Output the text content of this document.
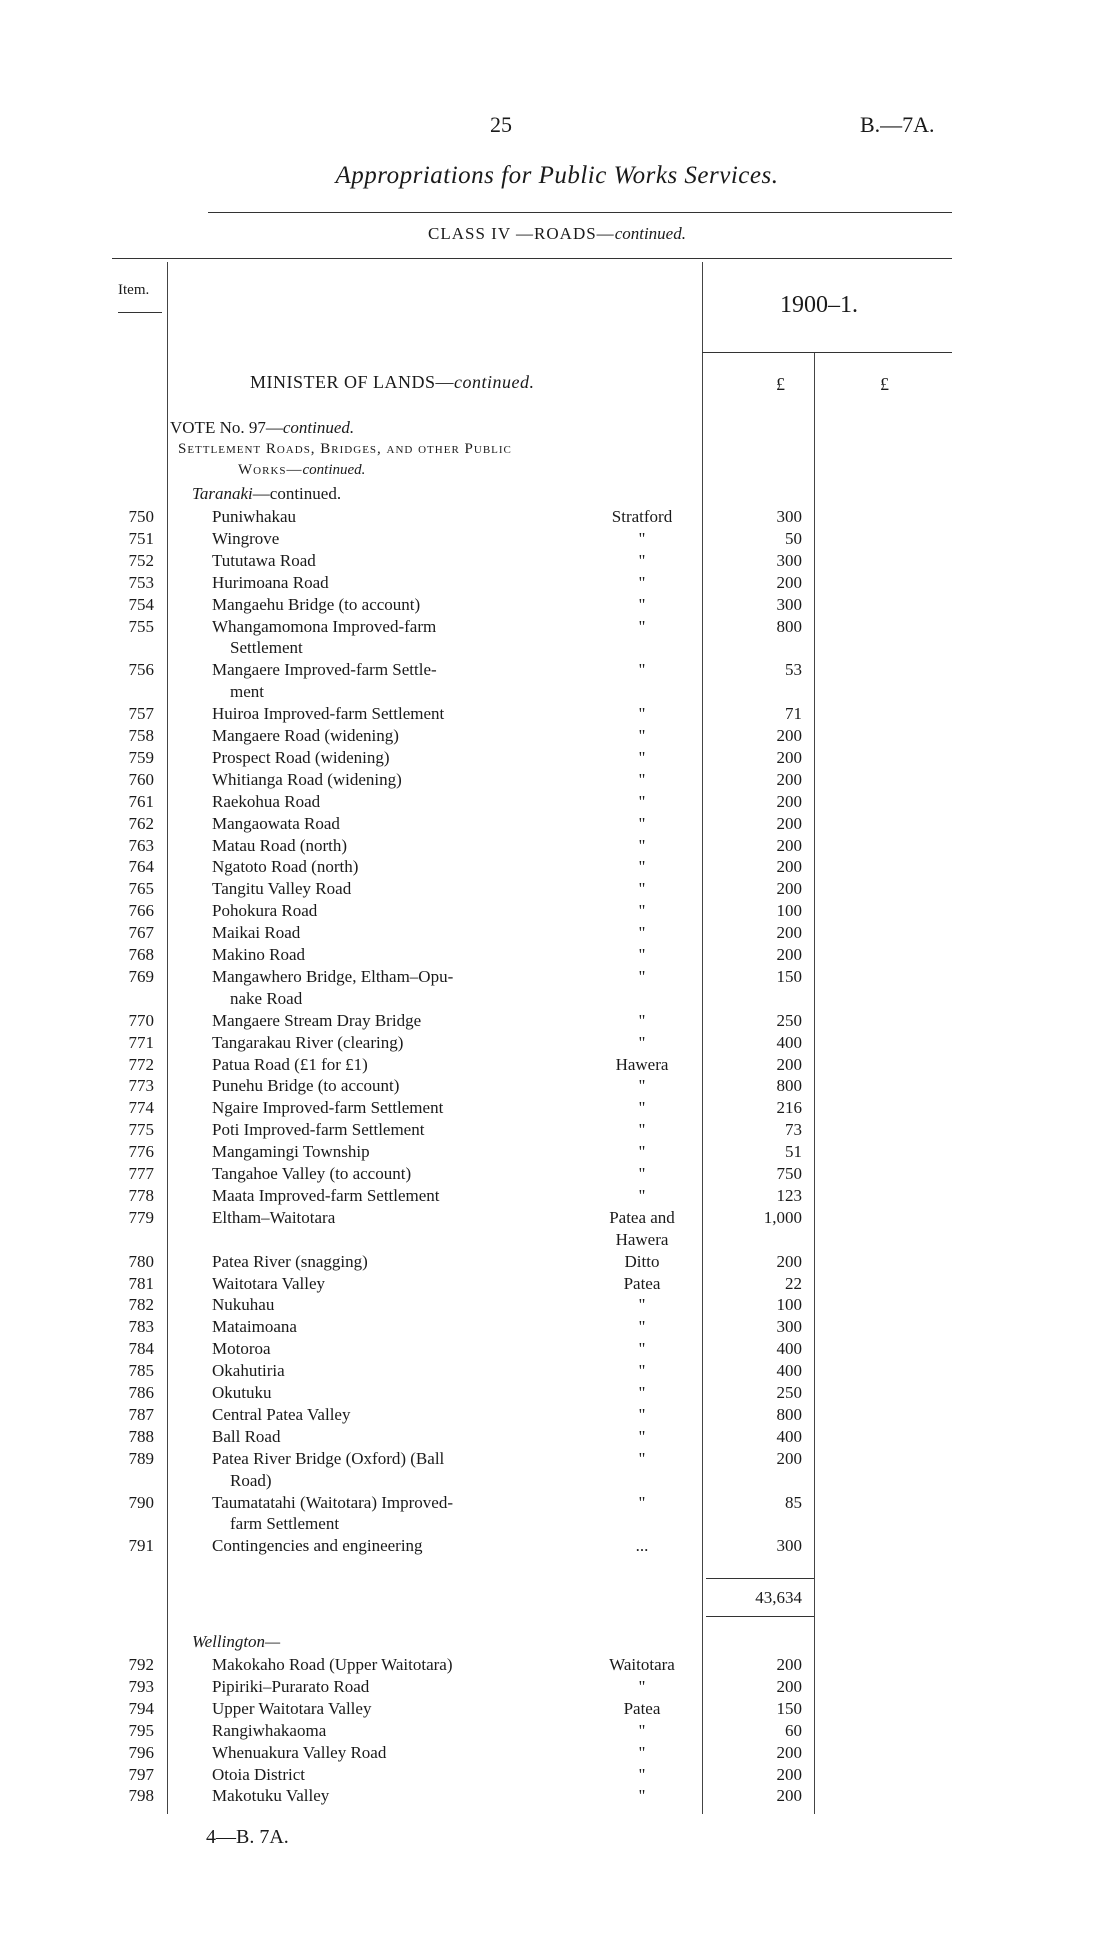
25	B.—7A.
Appropriations for Public Works Services.
CLASS IV —ROADS—continued.
Item.
1900–1.
£	£
MINISTER OF LANDS—continued.
VOTE No. 97—continued.
Settlement Roads, Bridges, and other Public
Works—continued.
Taranaki—continued.
750	Puniwhakau	Stratford	300
751	Wingrove	"	50
752	Tututawa Road	"	300
753	Hurimoana Road	"	200
754	Mangaehu Bridge (to account)	"	300
755	Whangamomona Improved-farm	"	800
Settlement
756	Mangaere Improved-farm Settle-	"	53
ment
757	Huiroa Improved-farm Settlement	"	71
758	Mangaere Road (widening)	"	200
759	Prospect Road (widening)	"	200
760	Whitianga Road (widening)	"	200
761	Raekohua Road	"	200
762	Mangaowata Road	"	200
763	Matau Road (north)	"	200
764	Ngatoto Road (north)	"	200
765	Tangitu Valley Road	"	200
766	Pohokura Road	"	100
767	Maikai Road	"	200
768	Makino Road	"	200
769	Mangawhero Bridge, Eltham–Opu-	"	150
nake Road
770	Mangaere Stream Dray Bridge	"	250
771	Tangarakau River (clearing)	"	400
772	Patua Road (£1 for £1)	Hawera	200
773	Punehu Bridge (to account)	"	800
774	Ngaire Improved-farm Settlement	"	216
775	Poti Improved-farm Settlement	"	73
776	Mangamingi Township	"	51
777	Tangahoe Valley (to account)	"	750
778	Maata Improved-farm Settlement	"	123
779	Eltham–Waitotara	Patea and	1,000
Hawera
780	Patea River (snagging)	Ditto	200
781	Waitotara Valley	Patea	22
782	Nukuhau	"	100
783	Mataimoana	"	300
784	Motoroa	"	400
785	Okahutiria	"	400
786	Okutuku	"	250
787	Central Patea Valley	"	800
788	Ball Road	"	400
789	Patea River Bridge (Oxford) (Ball	"	200
Road)
790	Taumatatahi (Waitotara) Improved-	"	85
farm Settlement
791	Contingencies and engineering	...	300
43,634
Wellington—
792	Makokaho Road (Upper Waitotara)	Waitotara	200
793	Pipiriki–Purarato Road	"	200
794	Upper Waitotara Valley	Patea	150
795	Rangiwhakaoma	"	60
796	Whenuakura Valley Road	"	200
797	Otoia District	"	200
798	Makotuku Valley	"	200
4—B. 7A.
